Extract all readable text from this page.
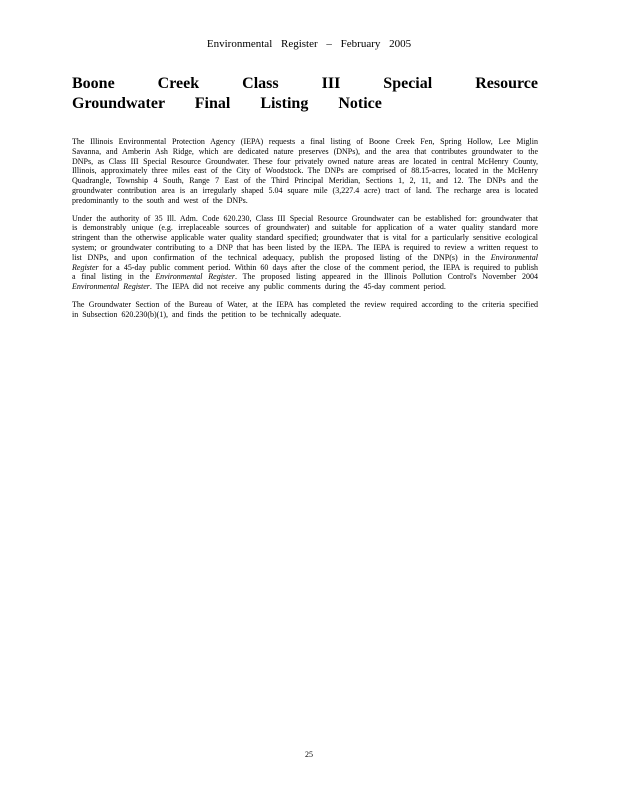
Environmental Register – February 2005

Boone Creek Class III Special Resource Groundwater Final Listing Notice

The Illinois Environmental Protection Agency (IEPA) requests a final listing of Boone Creek Fen, Spring Hollow, Lee Miglin Savanna, and Amberin Ash Ridge, which are dedicated nature preserves (DNPs), and the area that contributes groundwater to the DNPs, as Class III Special Resource Groundwater. These four privately owned nature areas are located in central McHenry County, Illinois, approximately three miles east of the City of Woodstock. The DNPs are comprised of 88.15-acres, located in the McHenry Quadrangle, Township 4 South, Range 7 East of the Third Principal Meridian, Sections 1, 2, 11, and 12. The DNPs and the groundwater contribution area is an irregularly shaped 5.04 square mile (3,227.4 acre) tract of land. The recharge area is located predominantly to the south and west of the DNPs.

Under the authority of 35 Ill. Adm. Code 620.230, Class III Special Resource Groundwater can be established for: groundwater that is demonstrably unique (e.g. irreplaceable sources of groundwater) and suitable for application of a water quality standard more stringent than the otherwise applicable water quality standard specified; groundwater that is vital for a particularly sensitive ecological system; or groundwater contributing to a DNP that has been listed by the IEPA. The IEPA is required to review a written request to list DNPs, and upon confirmation of the technical adequacy, publish the proposed listing of the DNP(s) in the Environmental Register for a 45-day public comment period. Within 60 days after the close of the comment period, the IEPA is required to publish a final listing in the Environmental Register. The proposed listing appeared in the Illinois Pollution Control's November 2004 Environmental Register. The IEPA did not receive any public comments during the 45-day comment period.

The Groundwater Section of the Bureau of Water, at the IEPA has completed the review required according to the criteria specified in Subsection 620.230(b)(1), and finds the petition to be technically adequate.

25
